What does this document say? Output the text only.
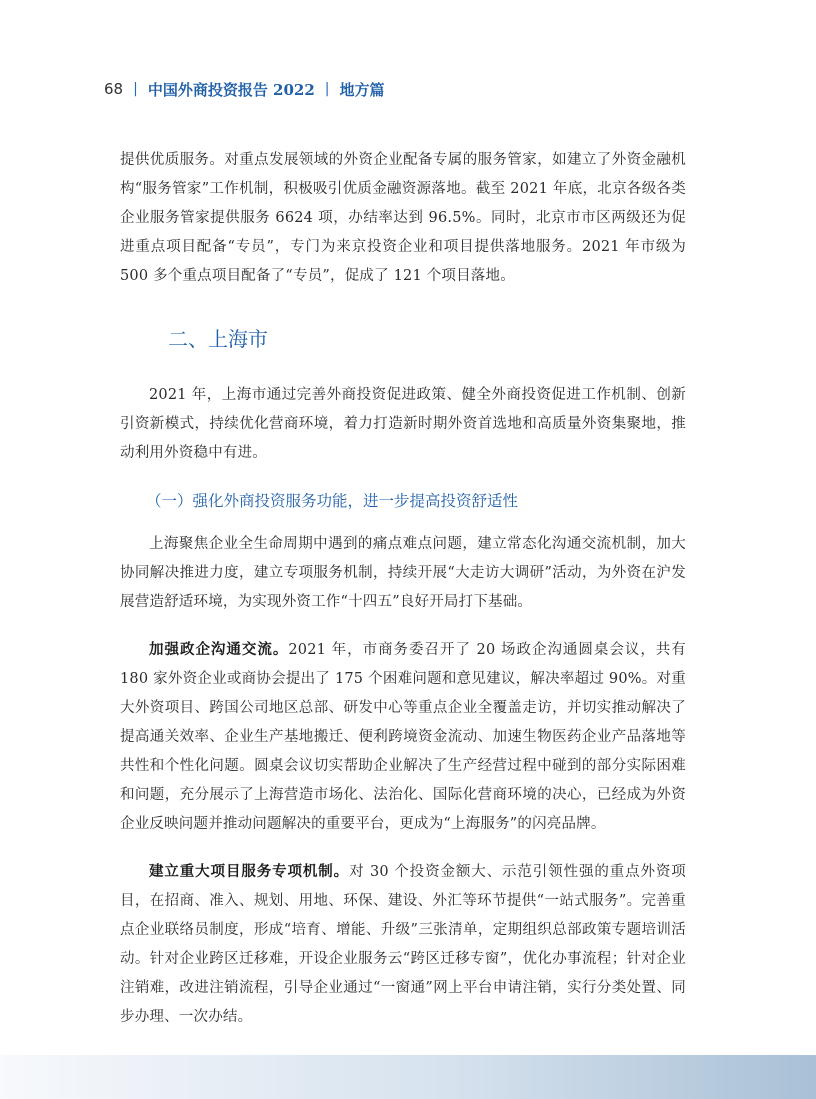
68 | 中国外商投资报告 2022 | 地方篇

提供优质服务。对重点发展领域的外资企业配备专属的服务管家，如建立了外资金融机构“服务管家”工作机制，积极吸引优质金融资源落地。截至 2021 年底，北京各级各类企业服务管家提供服务 6624 项，办结率达到 96.5%。同时，北京市市区两级还为促进重点项目配备“专员”，专门为来京投资企业和项目提供落地服务。2021 年市级为 500 多个重点项目配备了“专员”，促成了 121 个项目落地。

二、上海市

2021 年，上海市通过完善外商投资促进政策、健全外商投资促进工作机制、创新引资新模式，持续优化营商环境，着力打造新时期外资首选地和高质量外资集聚地，推动利用外资稳中有进。

（一）强化外商投资服务功能，进一步提高投资舒适性

上海聚焦企业全生命周期中遇到的痛点难点问题，建立常态化沟通交流机制，加大协同解决推进力度，建立专项服务机制，持续开展“大走访大调研”活动，为外资在沪发展营造舒适环境，为实现外资工作“十四五”良好开局打下基础。

加强政企沟通交流。2021 年，市商务委召开了 20 场政企沟通圆桌会议，共有 180 家外资企业或商协会提出了 175 个困难问题和意见建议，解决率超过 90%。对重大外资项目、跨国公司地区总部、研发中心等重点企业全覆盖走访，并切实推动解决了提高通关效率、企业生产基地搬迁、便利跨境资金流动、加速生物医药企业产品落地等共性和个性化问题。圆桌会议切实帮助企业解决了生产经营过程中碰到的部分实际困难和问题，充分展示了上海营造市场化、法治化、国际化营商环境的决心，已经成为外资企业反映问题并推动问题解决的重要平台，更成为“上海服务”的闪亮品牌。

建立重大项目服务专项机制。对 30 个投资金额大、示范引领性强的重点外资项目，在招商、准入、规划、用地、环保、建设、外汇等环节提供“一站式服务”。完善重点企业联络员制度，形成“培育、增能、升级”三张清单，定期组织总部政策专题培训活动。针对企业跨区迁移难，开设企业服务云“跨区迁移专窗”，优化办事流程；针对企业注销难，改进注销流程，引导企业通过“一窗通”网上平台申请注销，实行分类处置、同步办理、一次办结。
